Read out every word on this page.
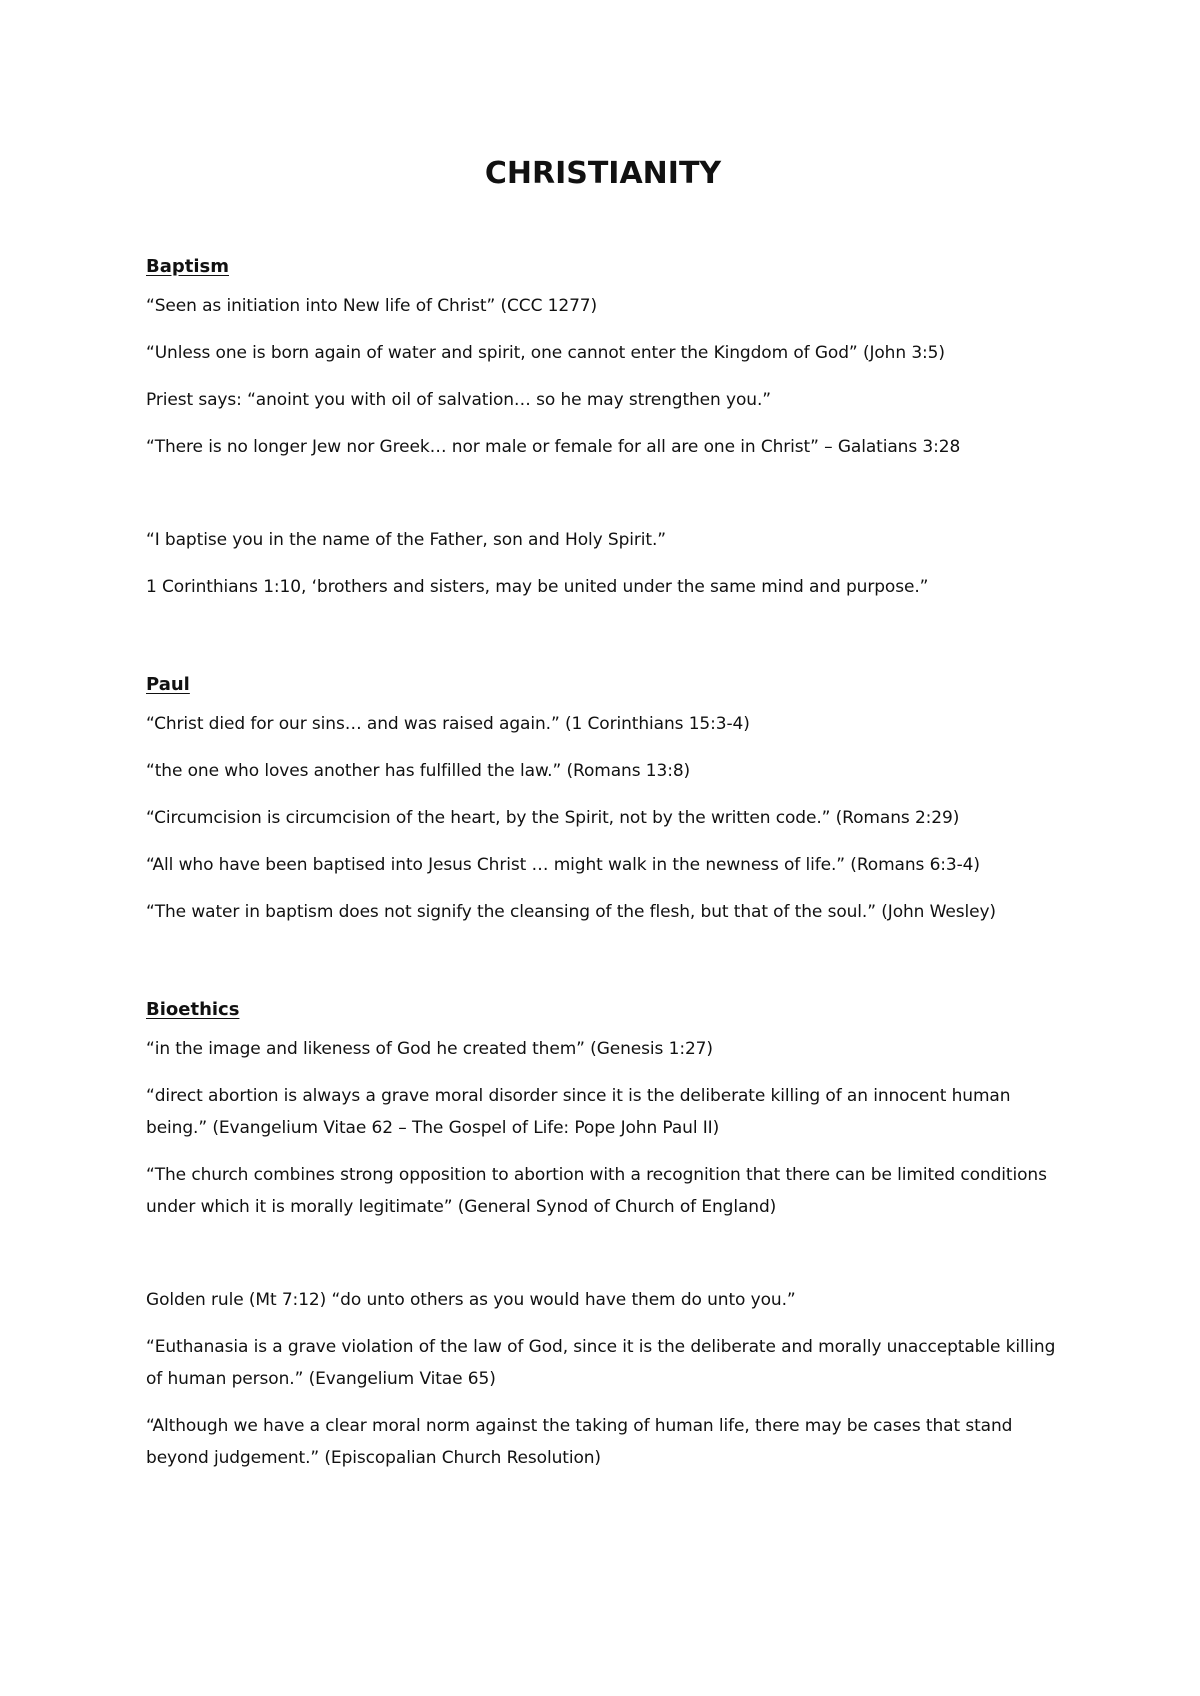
CHRISTIANITY

Baptism

“Seen as initiation into New life of Christ” (CCC 1277)

“Unless one is born again of water and spirit, one cannot enter the Kingdom of God” (John 3:5)

Priest says: “anoint you with oil of salvation… so he may strengthen you.”

“There is no longer Jew nor Greek… nor male or female for all are one in Christ” – Galatians 3:28

“I baptise you in the name of the Father, son and Holy Spirit.”

1 Corinthians 1:10, ‘brothers and sisters, may be united under the same mind and purpose.”

Paul

“Christ died for our sins… and was raised again.” (1 Corinthians 15:3-4)

“the one who loves another has fulfilled the law.” (Romans 13:8)

“Circumcision is circumcision of the heart, by the Spirit, not by the written code.” (Romans 2:29)

“All who have been baptised into Jesus Christ … might walk in the newness of life.” (Romans 6:3-4)

“The water in baptism does not signify the cleansing of the flesh, but that of the soul.” (John Wesley)

Bioethics

“in the image and likeness of God he created them” (Genesis 1:27)

“direct abortion is always a grave moral disorder since it is the deliberate killing of an innocent human being.” (Evangelium Vitae 62 – The Gospel of Life: Pope John Paul II)

“The church combines strong opposition to abortion with a recognition that there can be limited conditions under which it is morally legitimate” (General Synod of Church of England)

Golden rule (Mt 7:12) “do unto others as you would have them do unto you.”

“Euthanasia is a grave violation of the law of God, since it is the deliberate and morally unacceptable killing of human person.” (Evangelium Vitae 65)

“Although we have a clear moral norm against the taking of human life, there may be cases that stand beyond judgement.” (Episcopalian Church Resolution)
